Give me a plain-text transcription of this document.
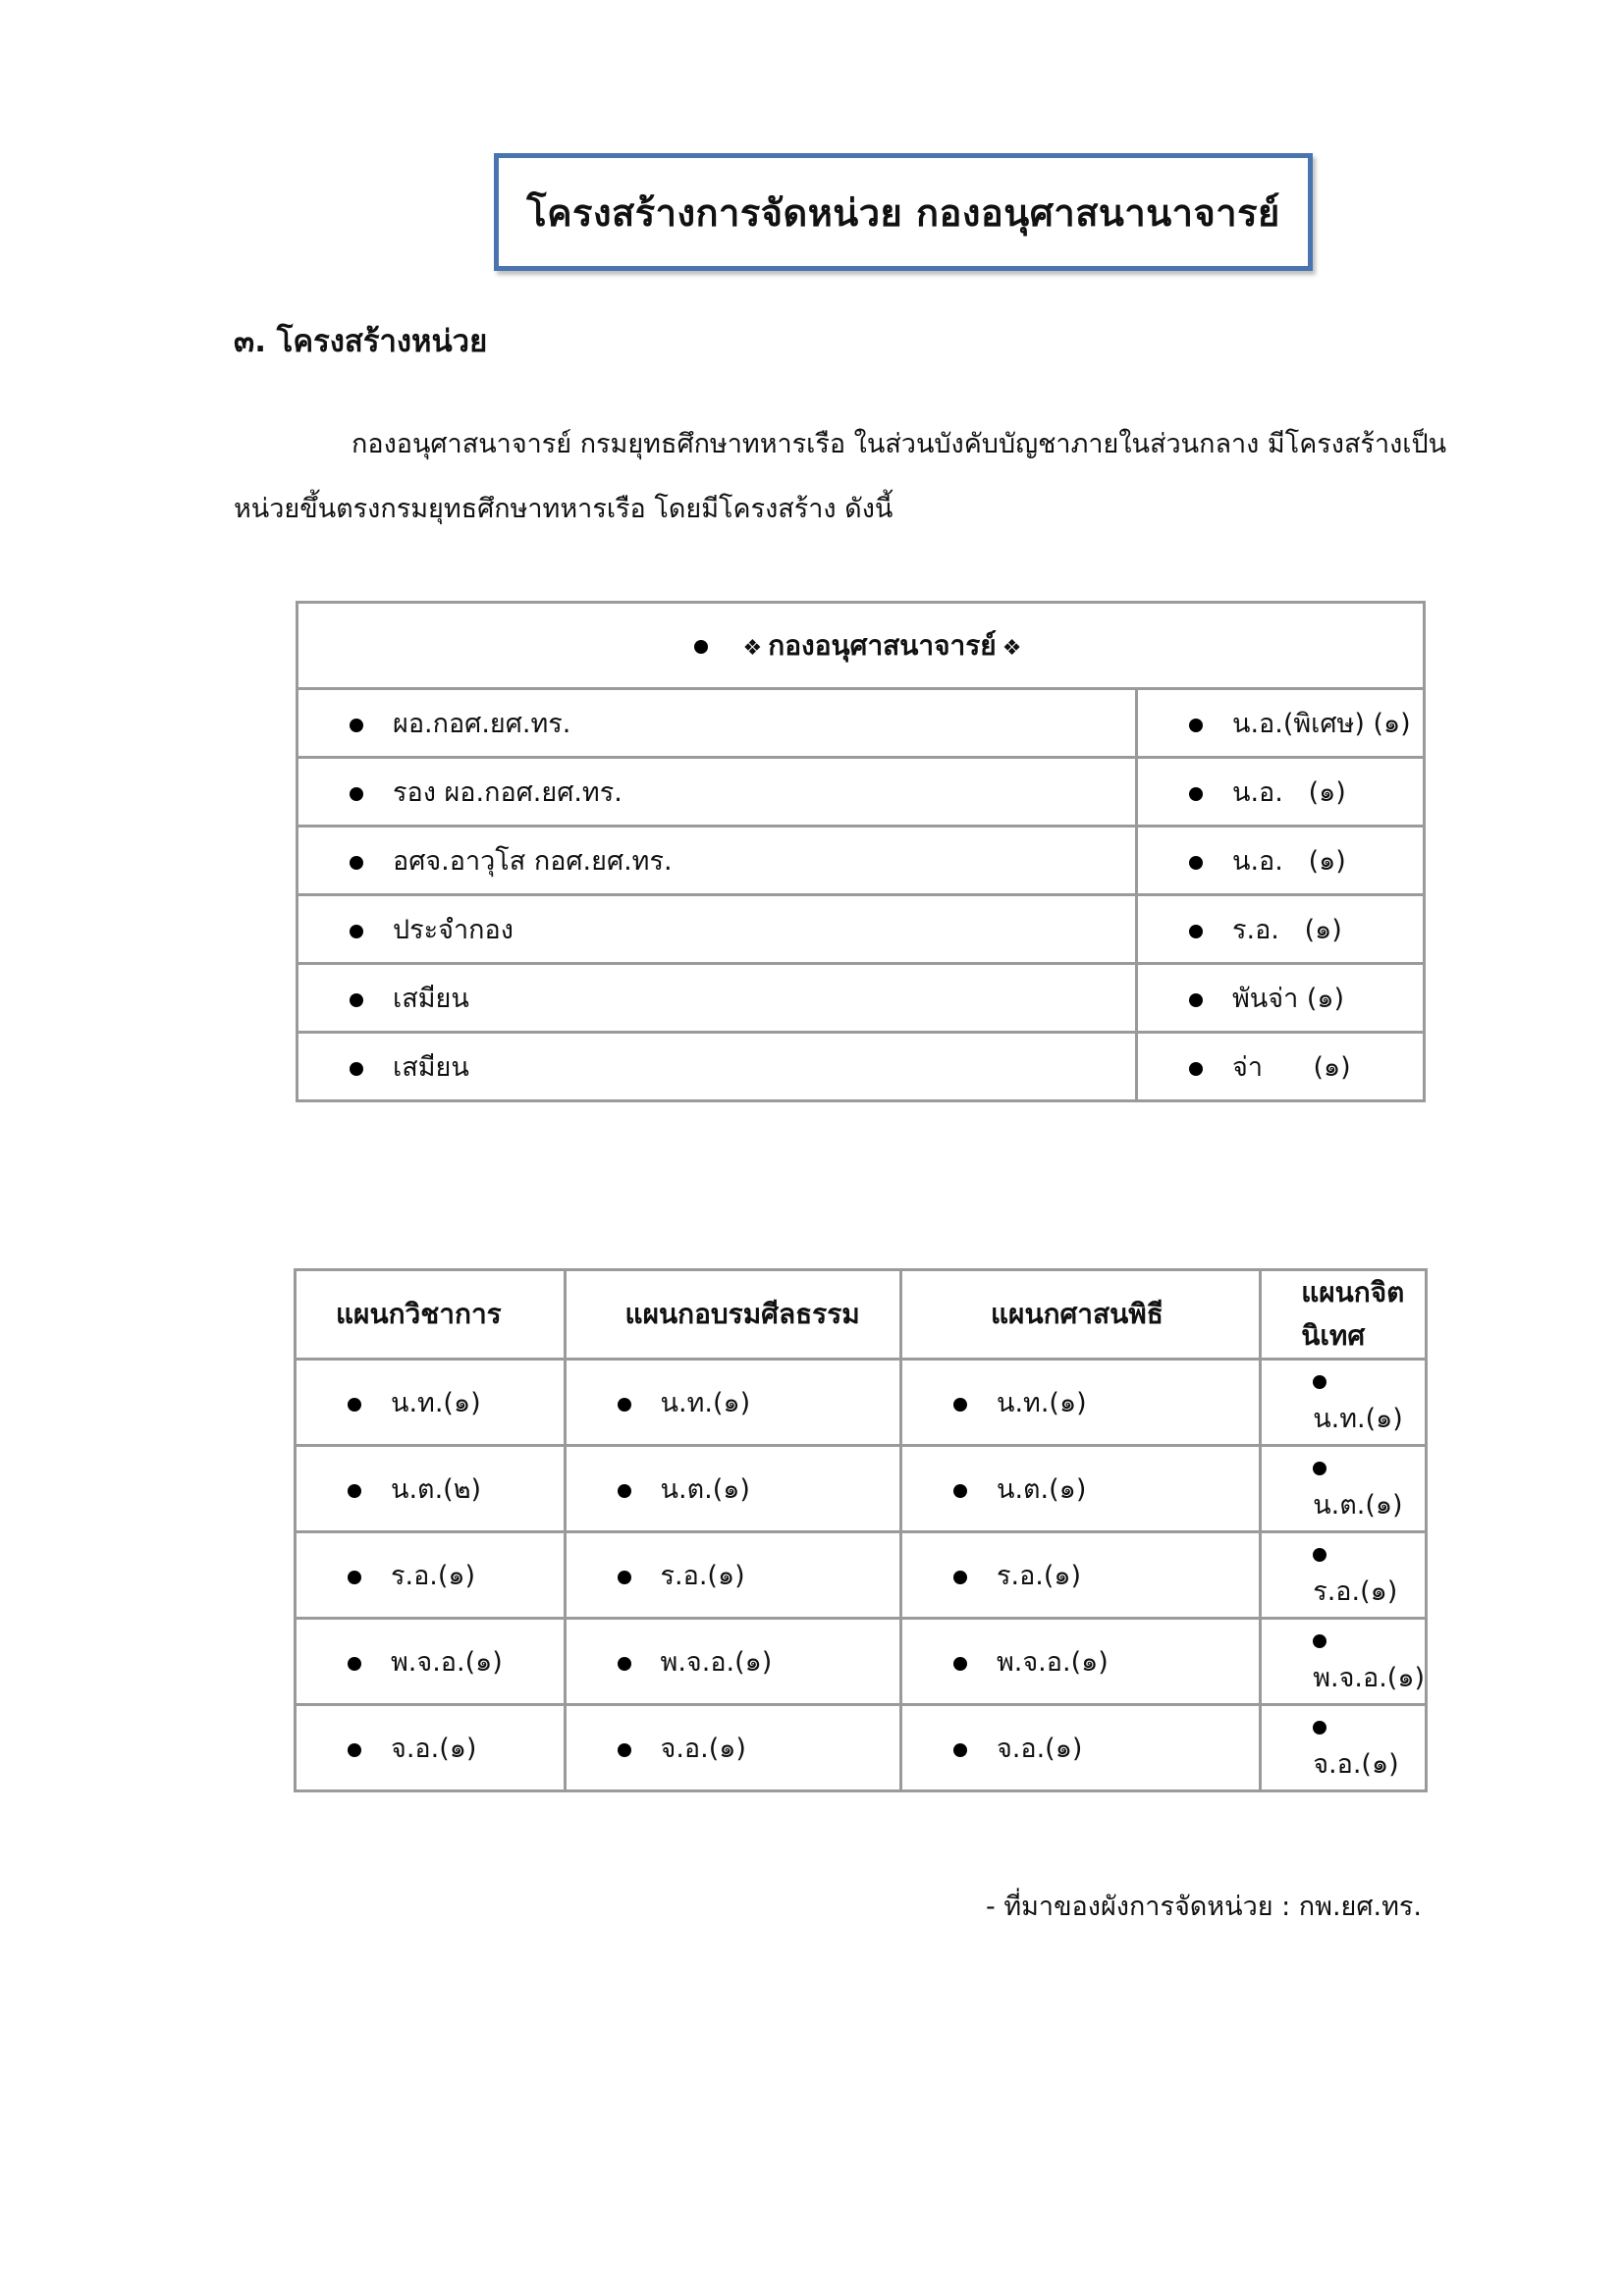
โครงสร้างการจัดหน่วย กองอนุศาสนานาจารย์
๓. โครงสร้างหน่วย
กองอนุศาสนาจารย์ กรมยุทธศึกษาทหารเรือ ในส่วนบังคับบัญชาภายในส่วนกลาง มีโครงสร้างเป็น
หน่วยขึ้นตรงกรมยุทธศึกษาทหารเรือ โดยมีโครงสร้าง ดังนี้
❖ กองอนุศาสนาจารย์ ❖	
ผอ.กอศ.ยศ.ทร.	น.อ.(พิเศษ) (๑)
รอง ผอ.กอศ.ยศ.ทร.	น.อ.   (๑)
อศจ.อาวุโส กอศ.ยศ.ทร.	น.อ.   (๑)
ประจำกอง	ร.อ.   (๑)
เสมียน	พันจ่า (๑)
เสมียน	จ่า      (๑)
แผนกวิชาการ	แผนกอบรมศีลธรรม	แผนกศาสนพิธี	แผนกจิตนิเทศ
น.ท.(๑)	น.ท.(๑)	น.ท.(๑)	น.ท.(๑)
น.ต.(๒)	น.ต.(๑)	น.ต.(๑)	น.ต.(๑)
ร.อ.(๑)	ร.อ.(๑)	ร.อ.(๑)	ร.อ.(๑)
พ.จ.อ.(๑)	พ.จ.อ.(๑)	พ.จ.อ.(๑)	พ.จ.อ.(๑)
จ.อ.(๑)	จ.อ.(๑)	จ.อ.(๑)	จ.อ.(๑)
- ที่มาของผังการจัดหน่วย : กพ.ยศ.ทร.
